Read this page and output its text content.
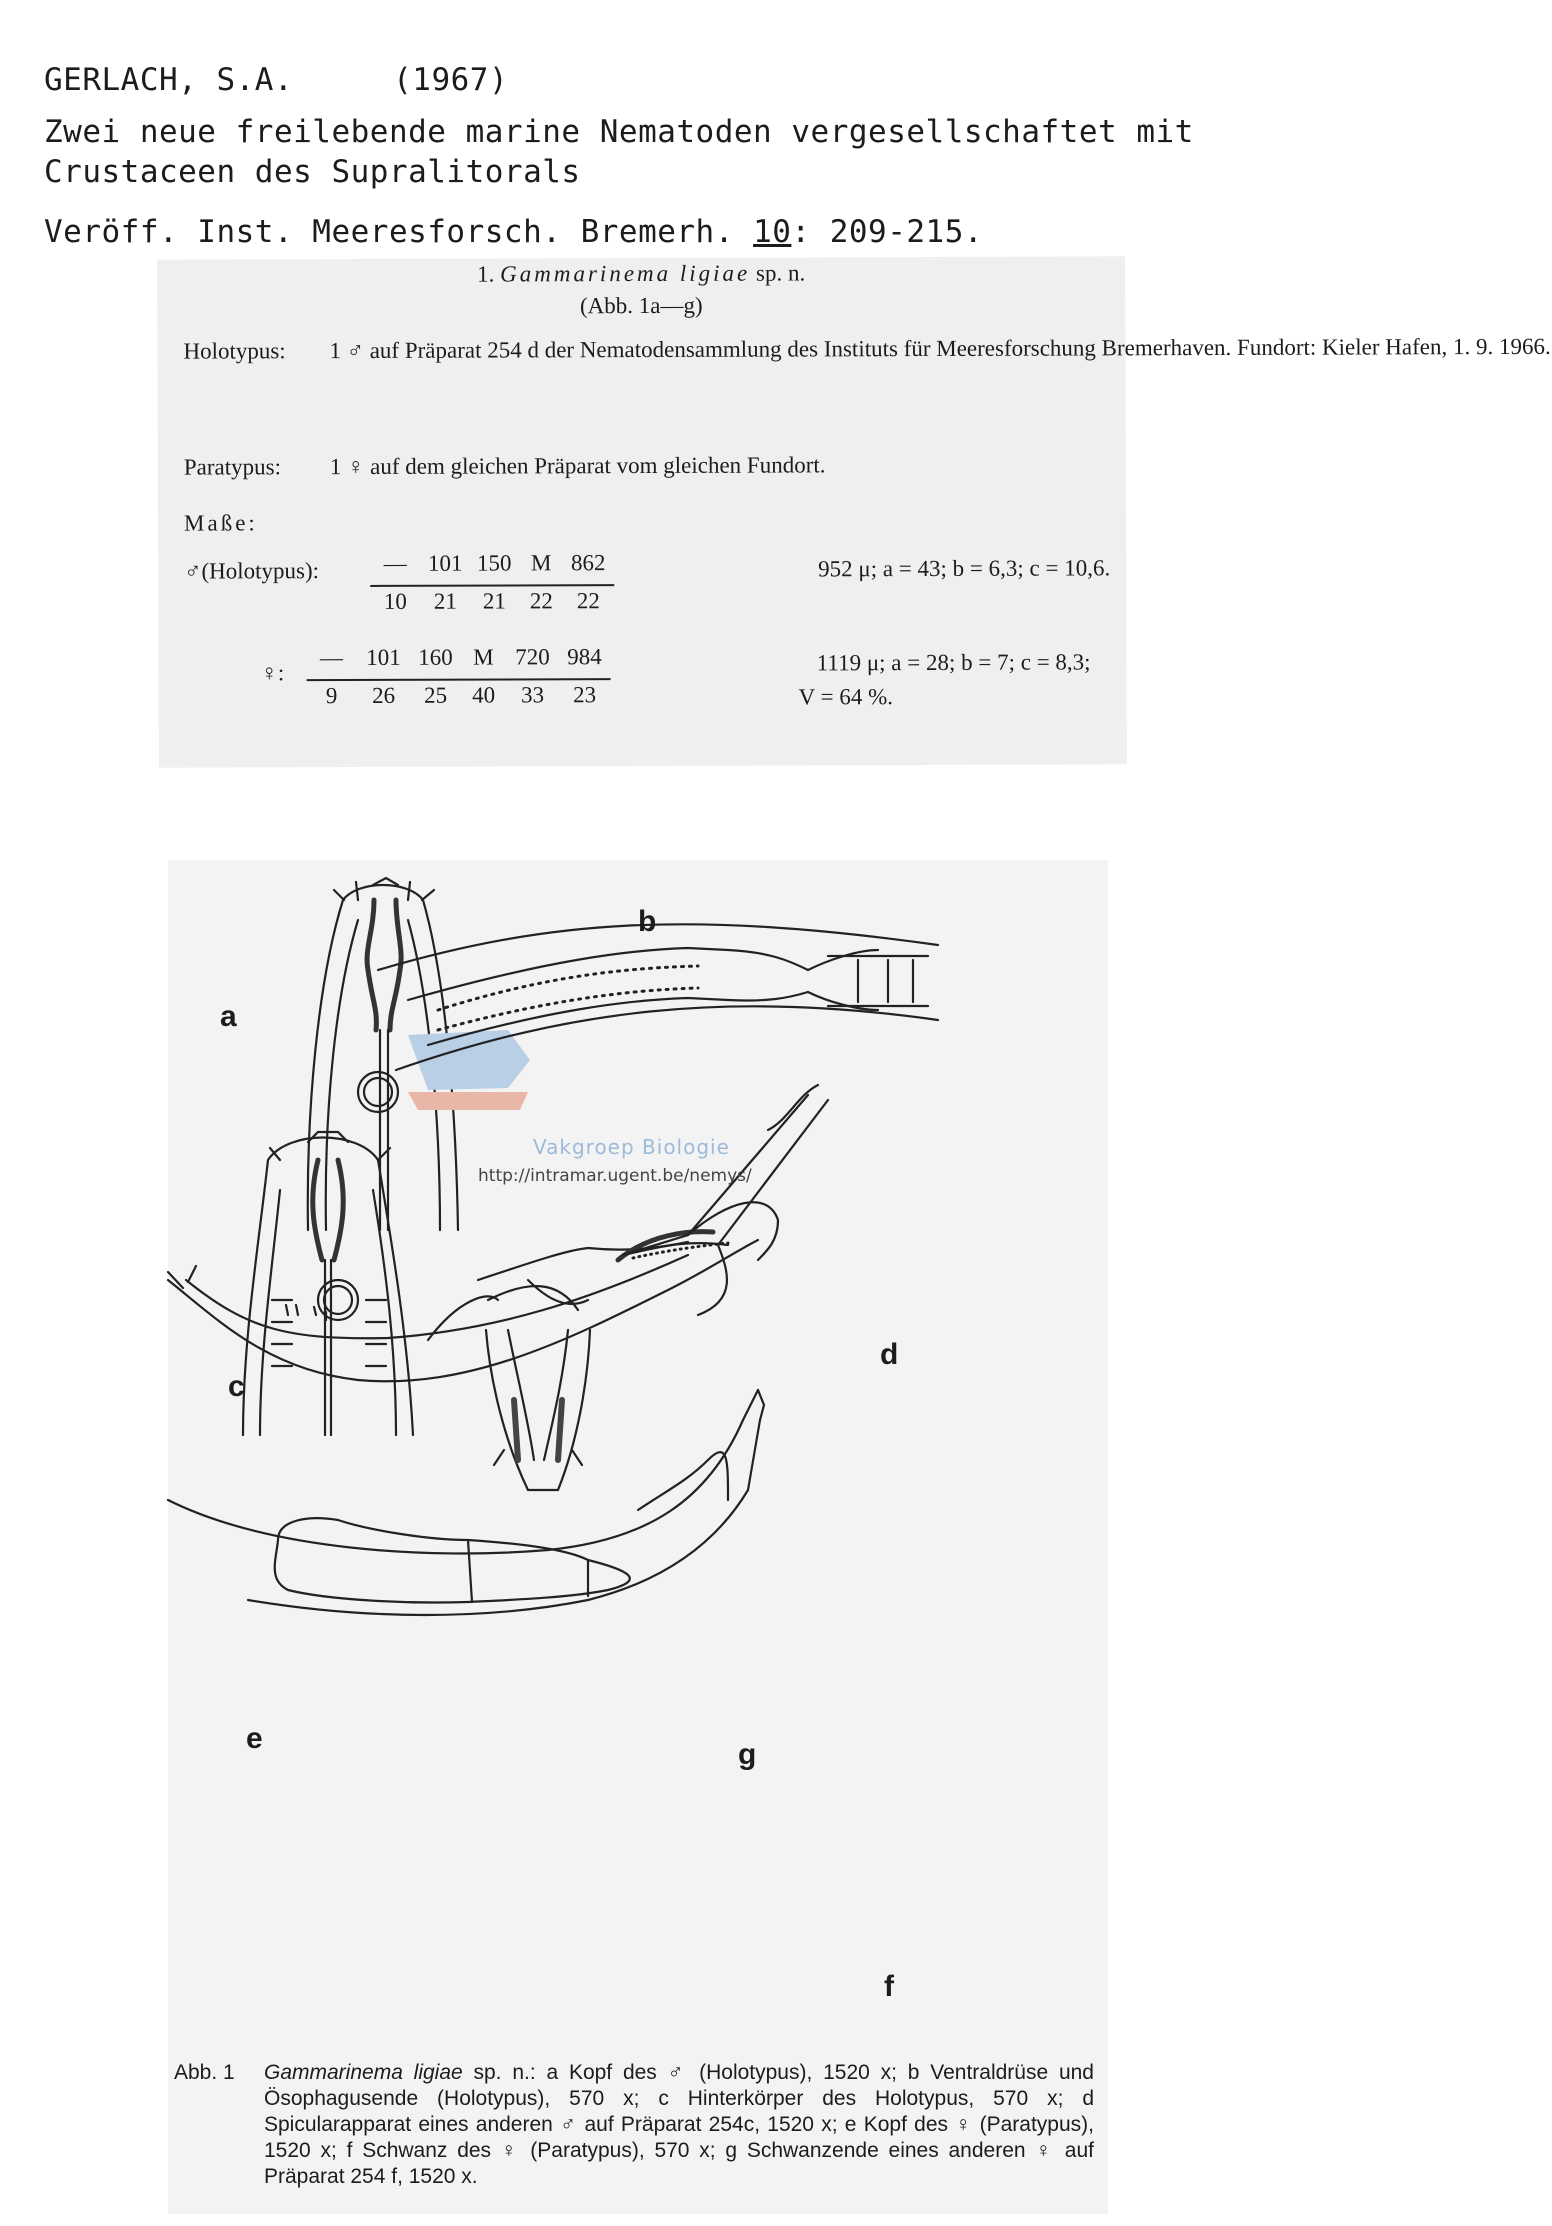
GERLACH, S.A.	(1967)
Zwei neue freilebende marine Nematoden vergesellschaftet mit
Crustaceen des Supralitorals
Veröff. Inst. Meeresforsch. Bremerh. 10: 209-215.
1. Gammarinema ligiae sp. n.
(Abb. 1a—g)
Holotypus: 1 ♂ auf Präparat 254 d der Nematodensammlung des Instituts für Meeresforschung Bremerhaven. Fundort: Kieler Hafen, 1. 9. 1966.
Paratypus: 1 ♀ auf dem gleichen Präparat vom gleichen Fundort.
Maße:
♂(Holotypus):	— 101 150 M 862
10	21	21	22	22
952 μ; a = 43; b = 6,3; c = 10,6.
♀:
—	101 160 M 720 984
9	26	25	40	33	23
1119 μ; a = 28; b = 7; c = 8,3;
V = 64 %.
b
a
c
d
e	g
f
Vakgroep Biologie
http://intramar.ugent.be/nemys/
Abb. 1 Gammarinema ligiae sp. n.: a Kopf des ♂ (Holotypus), 1520 x; b Ventraldrüse und Ösophagusende (Holotypus), 570 x; c Hinterkörper des Holotypus, 570 x; d Spicularapparat eines anderen ♂ auf Präparat 254c, 1520 x; e Kopf des ♀ (Paratypus), 1520 x; f Schwanz des ♀ (Paratypus), 570 x; g Schwanzende eines anderen ♀ auf Präparat 254 f, 1520 x.
